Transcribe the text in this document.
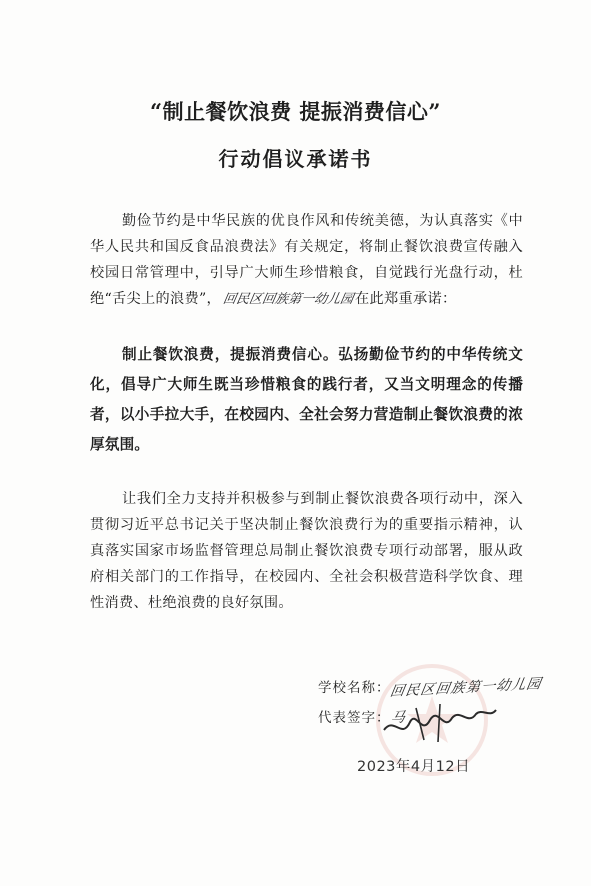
“制止餐饮浪费 提振消费信心”
行动倡议承诺书
勤俭节约是中华民族的优良作风和传统美德，为认真落实《中华人民共和国反食品浪费法》有关规定，将制止餐饮浪费宣传融入校园日常管理中，引导广大师生珍惜粮食，自觉践行光盘行动，杜绝“舌尖上的浪费”，回民区回族第一幼儿园在此郑重承诺：
制止餐饮浪费，提振消费信心。弘扬勤俭节约的中华传统文化，倡导广大师生既当珍惜粮食的践行者，又当文明理念的传播者，以小手拉大手，在校园内、全社会努力营造制止餐饮浪费的浓厚氛围。
让我们全力支持并积极参与到制止餐饮浪费各项行动中，深入贯彻习近平总书记关于坚决制止餐饮浪费行为的重要指示精神，认真落实国家市场监督管理总局制止餐饮浪费专项行动部署，服从政府相关部门的工作指导，在校园内、全社会积极营造科学饮食、理性消费、杜绝浪费的良好氛围。
学校名称：回民区回族第一幼儿园
代表签字：马
2023年4月12日
